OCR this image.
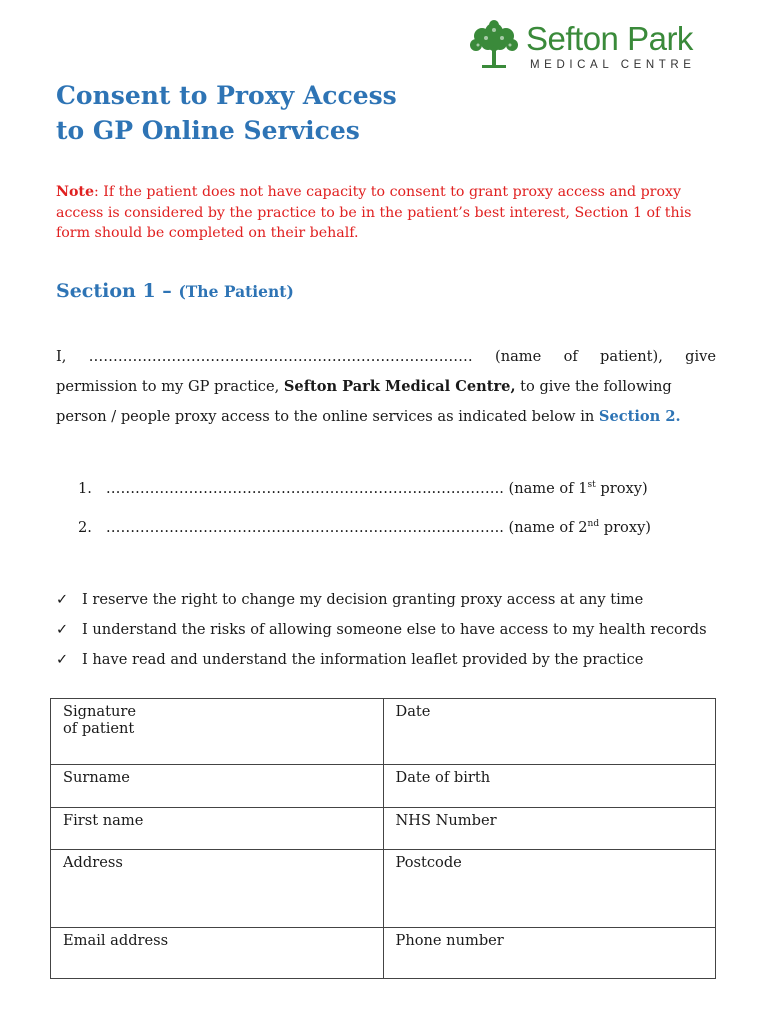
Sefton Park
MEDICAL CENTRE
Consent to Proxy Access
to GP Online Services

Note: If the patient does not have capacity to consent to grant proxy access and proxy access is considered by the practice to be in the patient’s best interest, Section 1 of this form should be completed on their behalf.

Section 1 – (The Patient)
I, ……………………………………………….…………………… (name of patient), give
permission to my GP practice, Sefton Park Medical Centre, to give the following person / people proxy access to the online services as indicated below in Section 2.

1. …………………………………………………………..………….. (name of 1st proxy)

2. …………………………………………………………..………….. (name of 2nd proxy)

✓ I reserve the right to change my decision granting proxy access at any time
✓ I understand the risks of allowing someone else to have access to my health records
✓ I have read and understand the information leaflet provided by the practice
Signature
of patient	Date
Surname	Date of birth
First name	NHS Number
Address	Postcode
Email address	Phone number
